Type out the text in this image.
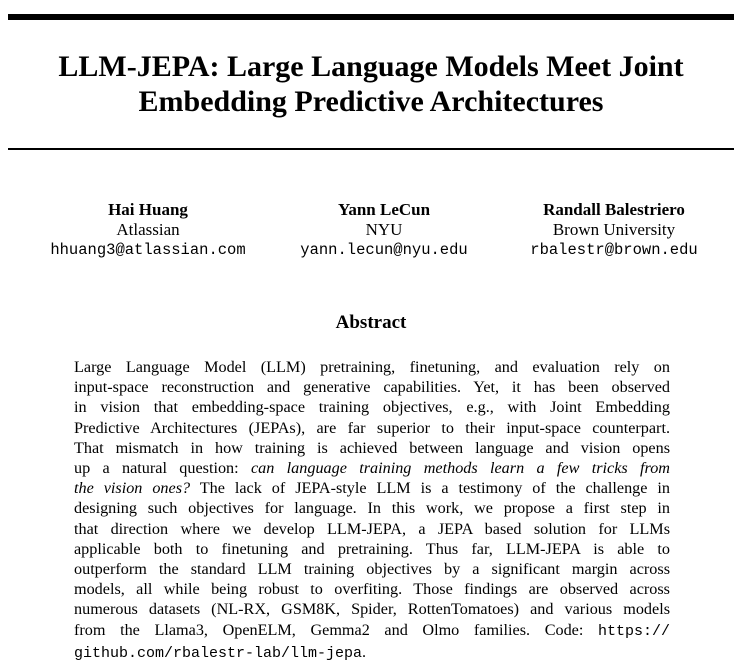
LLM-JEPA: Large Language Models Meet Joint
Embedding Predictive Architectures
Hai Huang
Atlassian
hhuang3@atlassian.com
Yann LeCun
NYU
yann.lecun@nyu.edu
Randall Balestriero
Brown University
rbalestr@brown.edu
Abstract
Large Language Model (LLM) pretraining, finetuning, and evaluation rely on
input-space reconstruction and generative capabilities. Yet, it has been observed
in vision that embedding-space training objectives, e.g., with Joint Embedding
Predictive Architectures (JEPAs), are far superior to their input-space counterpart.
That mismatch in how training is achieved between language and vision opens
up a natural question: can language training methods learn a few tricks from
the vision ones? The lack of JEPA-style LLM is a testimony of the challenge in
designing such objectives for language. In this work, we propose a first step in
that direction where we develop LLM-JEPA, a JEPA based solution for LLMs
applicable both to finetuning and pretraining. Thus far, LLM-JEPA is able to
outperform the standard LLM training objectives by a significant margin across
models, all while being robust to overfiting. Those findings are observed across
numerous datasets (NL-RX, GSM8K, Spider, RottenTomatoes) and various models
from the Llama3, OpenELM, Gemma2 and Olmo families. Code: https://
github.com/rbalestr-lab/llm-jepa.
